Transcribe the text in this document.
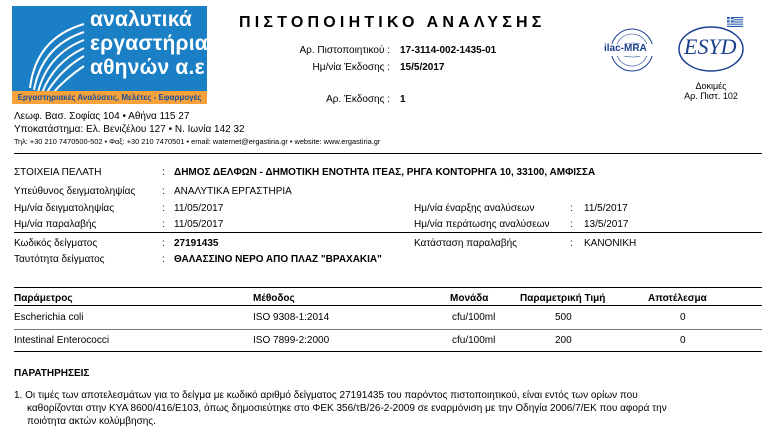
αναλυτικά
εργαστήρια
αθηνών α.ε
Εργαστηριακές Αναλύσεις, Μελέτες - Εφαρμογές
ΠΙΣΤΟΠΟΙΗΤΙΚΟ ΑΝΑΛΥΣΗΣ
Αρ. Πιστοποιητικού : 17-3114-002-1435-01
Ημ/νία Έκδοσης : 15/5/2017
Αρ. Έκδοσης : 1
ilac-MRA ESYD
Δοκιμές
Αρ. Πιστ. 102
Λεωφ. Βασ. Σοφίας 104 • Αθήνα 115 27
Υποκατάστημα: Ελ. Βενιζέλου 127 • Ν. Ιωνία 142 32
Τηλ: +30 210 7470500-502 • Φαξ: +30 210 7470501 • email: waternet@ergastiria.gr • website: www.ergastiria.gr
ΣΤΟΙΧΕΙΑ ΠΕΛΑΤΗ	: ΔΗΜΟΣ ΔΕΛΦΩΝ - ΔΗΜΟΤΙΚΗ ΕΝΟΤΗΤΑ ΙΤΕΑΣ, ΡΗΓΑ ΚΟΝΤΟΡΗΓΑ 10, 33100, ΑΜΦΙΣΣΑ
Υπεύθυνος δειγματοληψίας	: ΑΝΑΛΥΤΙΚΑ ΕΡΓΑΣΤΗΡΙΑ
Ημ/νία δειγματοληψίας	: 11/05/2017
Ημ/νία παραλαβής	: 11/05/2017
Ημ/νία έναρξης αναλύσεων	: 11/5/2017
Ημ/νία περάτωσης αναλύσεων : 13/5/2017
Κωδικός δείγματος	: 27191435
Ταυτότητα δείγματος	: ΘΑΛΑΣΣΙΝΟ ΝΕΡΟ ΑΠΟ ΠΛΑΖ "ΒΡΑΧΑΚΙΑ"
Κατάσταση παραλαβής	: ΚΑΝΟΝΙΚΗ
Παράμετρος	Μέθοδος	Μονάδα	Παραμετρική Τιμή	Αποτέλεσμα
Escherichia coli	ISO 9308-1:2014	cfu/100ml	500	0
Intestinal Enterococci	ISO 7899-2:2000	cfu/100ml	200	0
ΠΑΡΑΤΗΡΗΣΕΙΣ
1. Οι τιμές των αποτελεσμάτων για το δείγμα με κωδικό αριθμό δείγματος 27191435 του παρόντος πιστοποιητικού, είναι εντός των ορίων που
καθορίζονται στην ΚΥΑ 8600/416/Ε103, όπως δημοσιεύτηκε στο ΦΕΚ 356/τΒ/26-2-2009 σε εναρμόνιση με την Οδηγία 2006/7/ΕΚ που αφορά την
ποιότητα ακτών κολύμβησης.
